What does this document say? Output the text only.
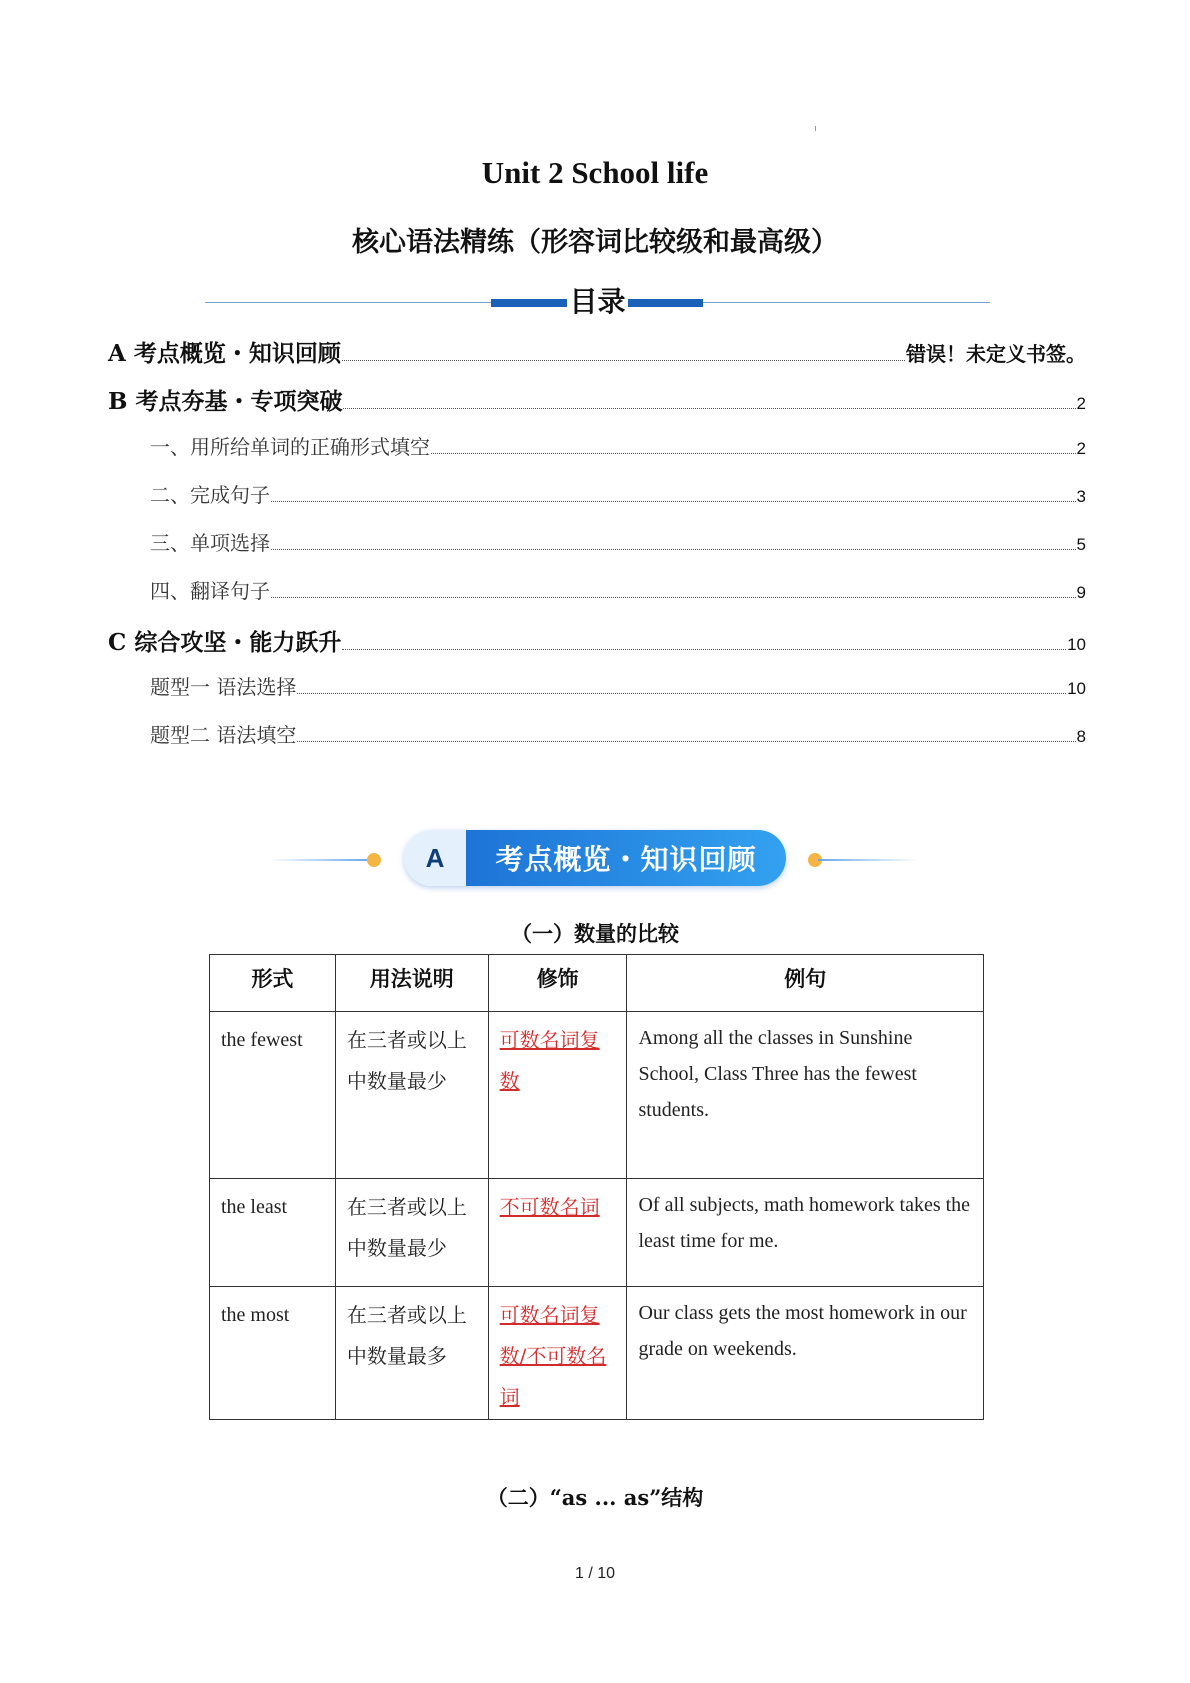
Unit 2 School life
核心语法精练（形容词比较级和最高级）
目录
A 考点概览・知识回顾	错误！未定义书签。
B 考点夯基・专项突破	2
一、用所给单词的正确形式填空	2
二、完成句子	3
三、单项选择	5
四、翻译句子	9
C 综合攻坚・能力跃升	10
题型一 语法选择	10
题型二 语法填空	8
A	考点概览・知识回顾
（一）数量的比较
形式	用法说明	修饰	例句
the fewest	在三者或以上中数量最少	可数名词复数	Among all the classes in Sunshine School, Class Three has the fewest students.
the least	在三者或以上中数量最少	不可数名词	Of all subjects, math homework takes the least time for me.
the most	在三者或以上中数量最多	可数名词复数/不可数名词	Our class gets the most homework in our grade on weekends.
（二）“as ... as”结构
1 / 10
